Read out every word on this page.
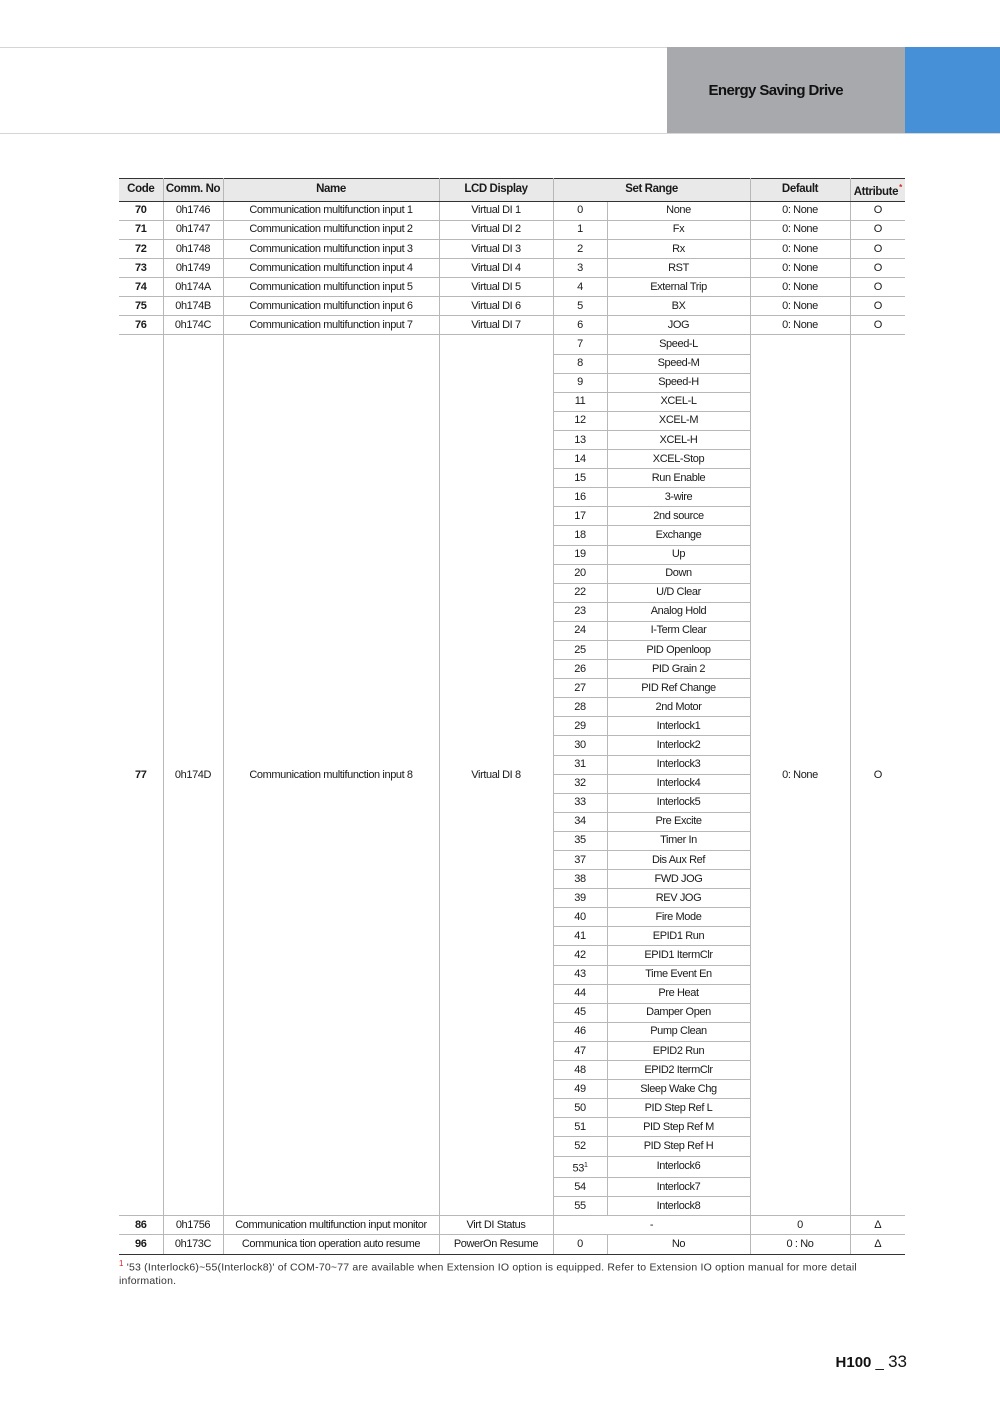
Energy Saving Drive
Code	Comm. No	Name	LCD Display	Set Range		Default	Attribute*
70	0h1746	Communication multifunction input 1	Virtual DI 1	0	None	0: None	O
71	0h1747	Communication multifunction input 2	Virtual DI 2	1	Fx	0: None	O
72	0h1748	Communication multifunction input 3	Virtual DI 3	2	Rx	0: None	O
73	0h1749	Communication multifunction input 4	Virtual DI 4	3	RST	0: None	O
74	0h174A	Communication multifunction input 5	Virtual DI 5	4	External Trip	0: None	O
75	0h174B	Communication multifunction input 6	Virtual DI 6	5	BX	0: None	O
76	0h174C	Communication multifunction input 7	Virtual DI 7	6	JOG	0: None	O
77	0h174D	Communication multifunction input 8	Virtual DI 8	7	Speed-L	0: None	O
				8	Speed-M		
				9	Speed-H		
				11	XCEL-L		
				12	XCEL-M		
				13	XCEL-H		
				14	XCEL-Stop		
				15	Run Enable		
				16	3-wire		
				17	2nd source		
				18	Exchange		
				19	Up		
				20	Down		
				22	U/D Clear		
				23	Analog Hold		
				24	I-Term Clear		
				25	PID Openloop		
				26	PID Grain 2		
				27	PID Ref Change		
				28	2nd Motor		
				29	Interlock1		
				30	Interlock2		
				31	Interlock3		
				32	Interlock4		
				33	Interlock5		
				34	Pre Excite		
				35	Timer In		
				37	Dis Aux Ref		
				38	FWD JOG		
				39	REV JOG		
				40	Fire Mode		
				41	EPID1 Run		
				42	EPID1 ItermClr		
				43	Time Event En		
				44	Pre Heat		
				45	Damper Open		
				46	Pump Clean		
				47	EPID2 Run		
				48	EPID2 ItermClr		
				49	Sleep Wake Chg		
				50	PID Step Ref L		
				51	PID Step Ref M		
				52	PID Step Ref H		
				$53^1$	Interlock6		
				54	Interlock7		
				55	Interlock8		
86	0h1756	Communication multifunction input monitor	Virt DI Status	-		0	Δ
96	0h173C	Communica tion operation auto resume	PowerOn Resume	0	No	0 : No	Δ
$^1$ '53 (Interlock6)~55(Interlock8)' of COM-70~77 are available when Extension IO option is equipped. Refer to Extension IO option manual for more detail information.
H100 _ 33
